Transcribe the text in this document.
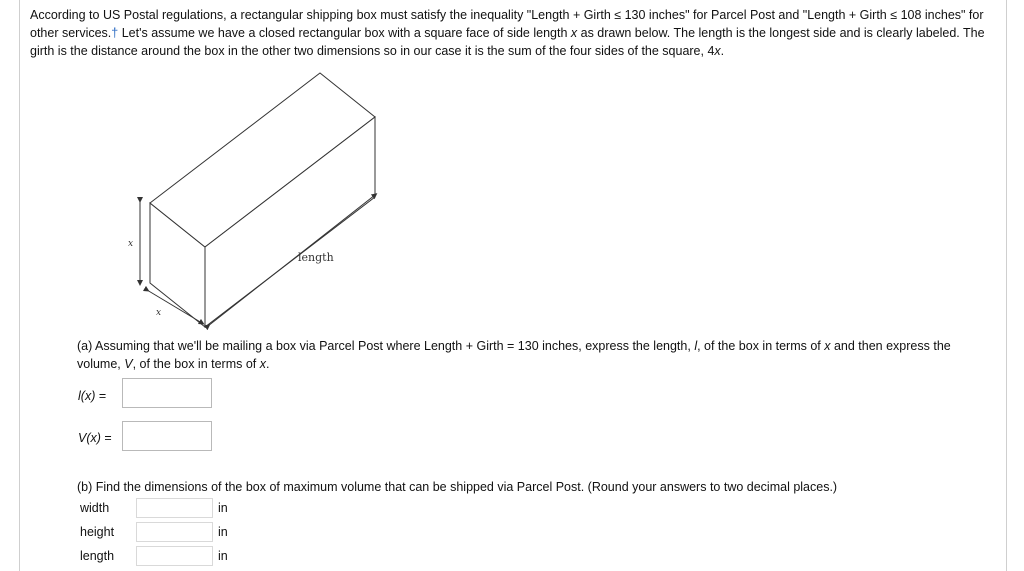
According to US Postal regulations, a rectangular shipping box must satisfy the inequality "Length + Girth ≤ 130 inches" for Parcel Post and "Length + Girth ≤ 108 inches" for other services.† Let's assume we have a closed rectangular box with a square face of side length x as drawn below. The length is the longest side and is clearly labeled. The girth is the distance around the box in the other two dimensions so in our case it is the sum of the four sides of the square, 4x.
x
x
length
(a) Assuming that we'll be mailing a box via Parcel Post where Length + Girth = 130 inches, express the length, l, of the box in terms of x and then express the volume, V, of the box in terms of x.
l(x) =
V(x) =
(b) Find the dimensions of the box of maximum volume that can be shipped via Parcel Post. (Round your answers to two decimal places.)
width	in
height	in
length	in
